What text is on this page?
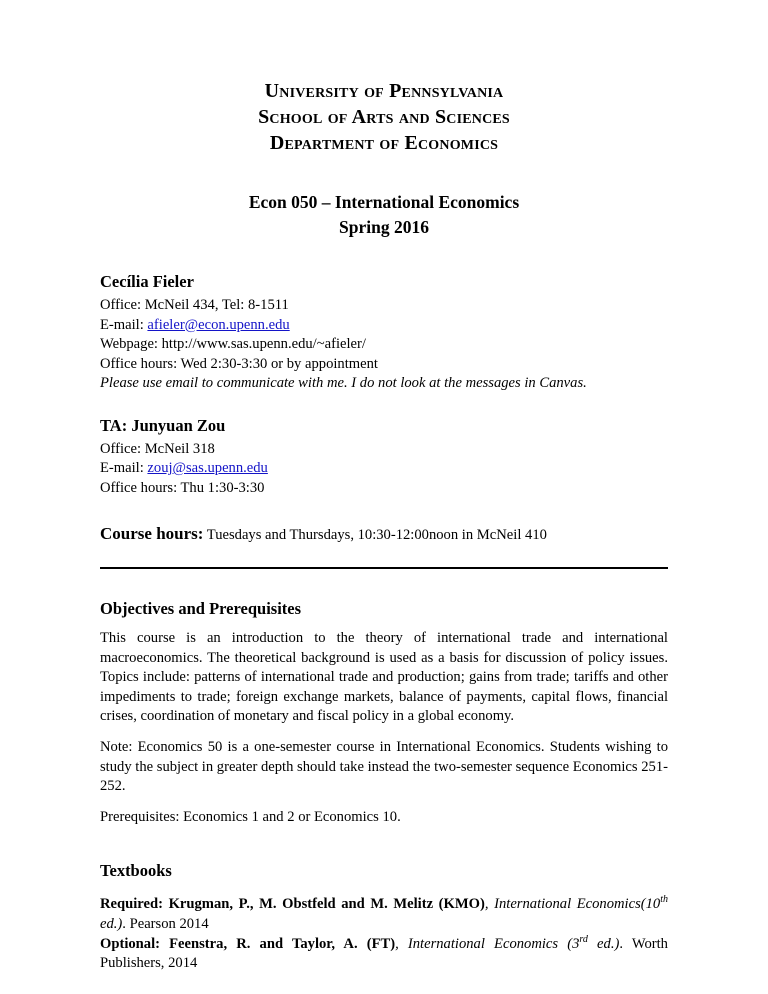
University of Pennsylvania
School of Arts and Sciences
Department of Economics
Econ 050 – International Economics
Spring 2016
Cecília Fieler
Office: McNeil 434, Tel: 8-1511
E-mail: afieler@econ.upenn.edu
Webpage: http://www.sas.upenn.edu/~afieler/
Office hours: Wed 2:30-3:30 or by appointment
Please use email to communicate with me. I do not look at the messages in Canvas.
TA: Junyuan Zou
Office: McNeil 318
E-mail: zouj@sas.upenn.edu
Office hours: Thu 1:30-3:30
Course hours: Tuesdays and Thursdays, 10:30-12:00noon in McNeil 410
Objectives and Prerequisites

This course is an introduction to the theory of international trade and international macroeconomics. The theoretical background is used as a basis for discussion of policy issues. Topics include: patterns of international trade and production; gains from trade; tariffs and other impediments to trade; foreign exchange markets, balance of payments, capital flows, financial crises, coordination of monetary and fiscal policy in a global economy.

Note: Economics 50 is a one-semester course in International Economics. Students wishing to study the subject in greater depth should take instead the two-semester sequence Economics 251-252.

Prerequisites: Economics 1 and 2 or Economics 10.

Textbooks

Required: Krugman, P., M. Obstfeld and M. Melitz (KMO), International Economics(10th ed.). Pearson 2014

Optional: Feenstra, R. and Taylor, A. (FT), International Economics (3rd ed.). Worth Publishers, 2014
